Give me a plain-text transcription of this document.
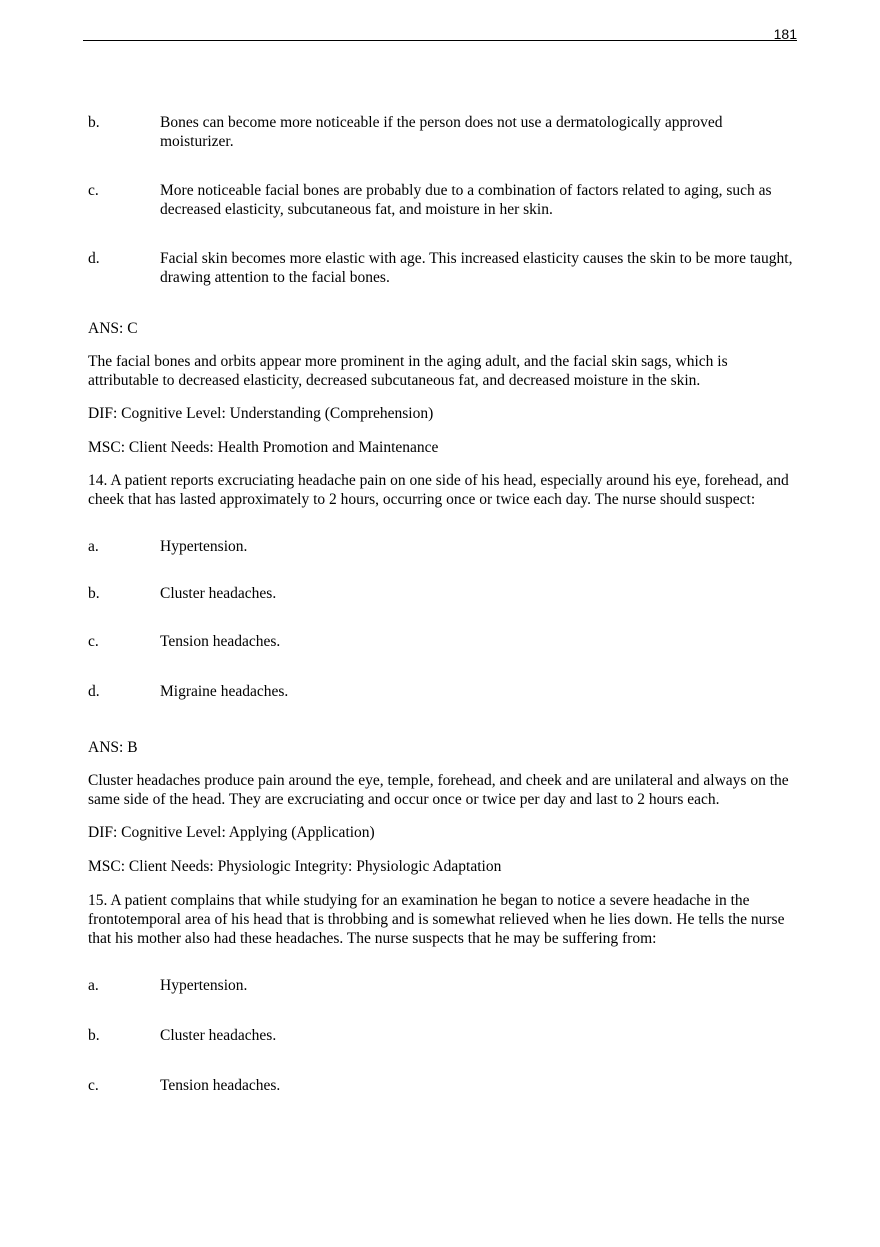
181
b.	Bones can become more noticeable if the person does not use a dermatologically approved moisturizer.
c.	More noticeable facial bones are probably due to a combination of factors related to aging, such as decreased elasticity, subcutaneous fat, and moisture in her skin.
d.	Facial skin becomes more elastic with age. This increased elasticity causes the skin to be more taught, drawing attention to the facial bones.

ANS: C

The facial bones and orbits appear more prominent in the aging adult, and the facial skin sags, which is attributable to decreased elasticity, decreased subcutaneous fat, and decreased moisture in the skin.

DIF: Cognitive Level: Understanding (Comprehension)

MSC: Client Needs: Health Promotion and Maintenance

14. A patient reports excruciating headache pain on one side of his head, especially around his eye, forehead, and cheek that has lasted approximately to 2 hours, occurring once or twice each day. The nurse should suspect:

a.	Hypertension.
b.	Cluster headaches.
c.	Tension headaches.
d.	Migraine headaches.

ANS: B

Cluster headaches produce pain around the eye, temple, forehead, and cheek and are unilateral and always on the same side of the head. They are excruciating and occur once or twice per day and last to 2 hours each.

DIF: Cognitive Level: Applying (Application)

MSC: Client Needs: Physiologic Integrity: Physiologic Adaptation

15. A patient complains that while studying for an examination he began to notice a severe headache in the frontotemporal area of his head that is throbbing and is somewhat relieved when he lies down. He tells the nurse that his mother also had these headaches. The nurse suspects that he may be suffering from:

a.	Hypertension.
b.	Cluster headaches.
c.	Tension headaches.
